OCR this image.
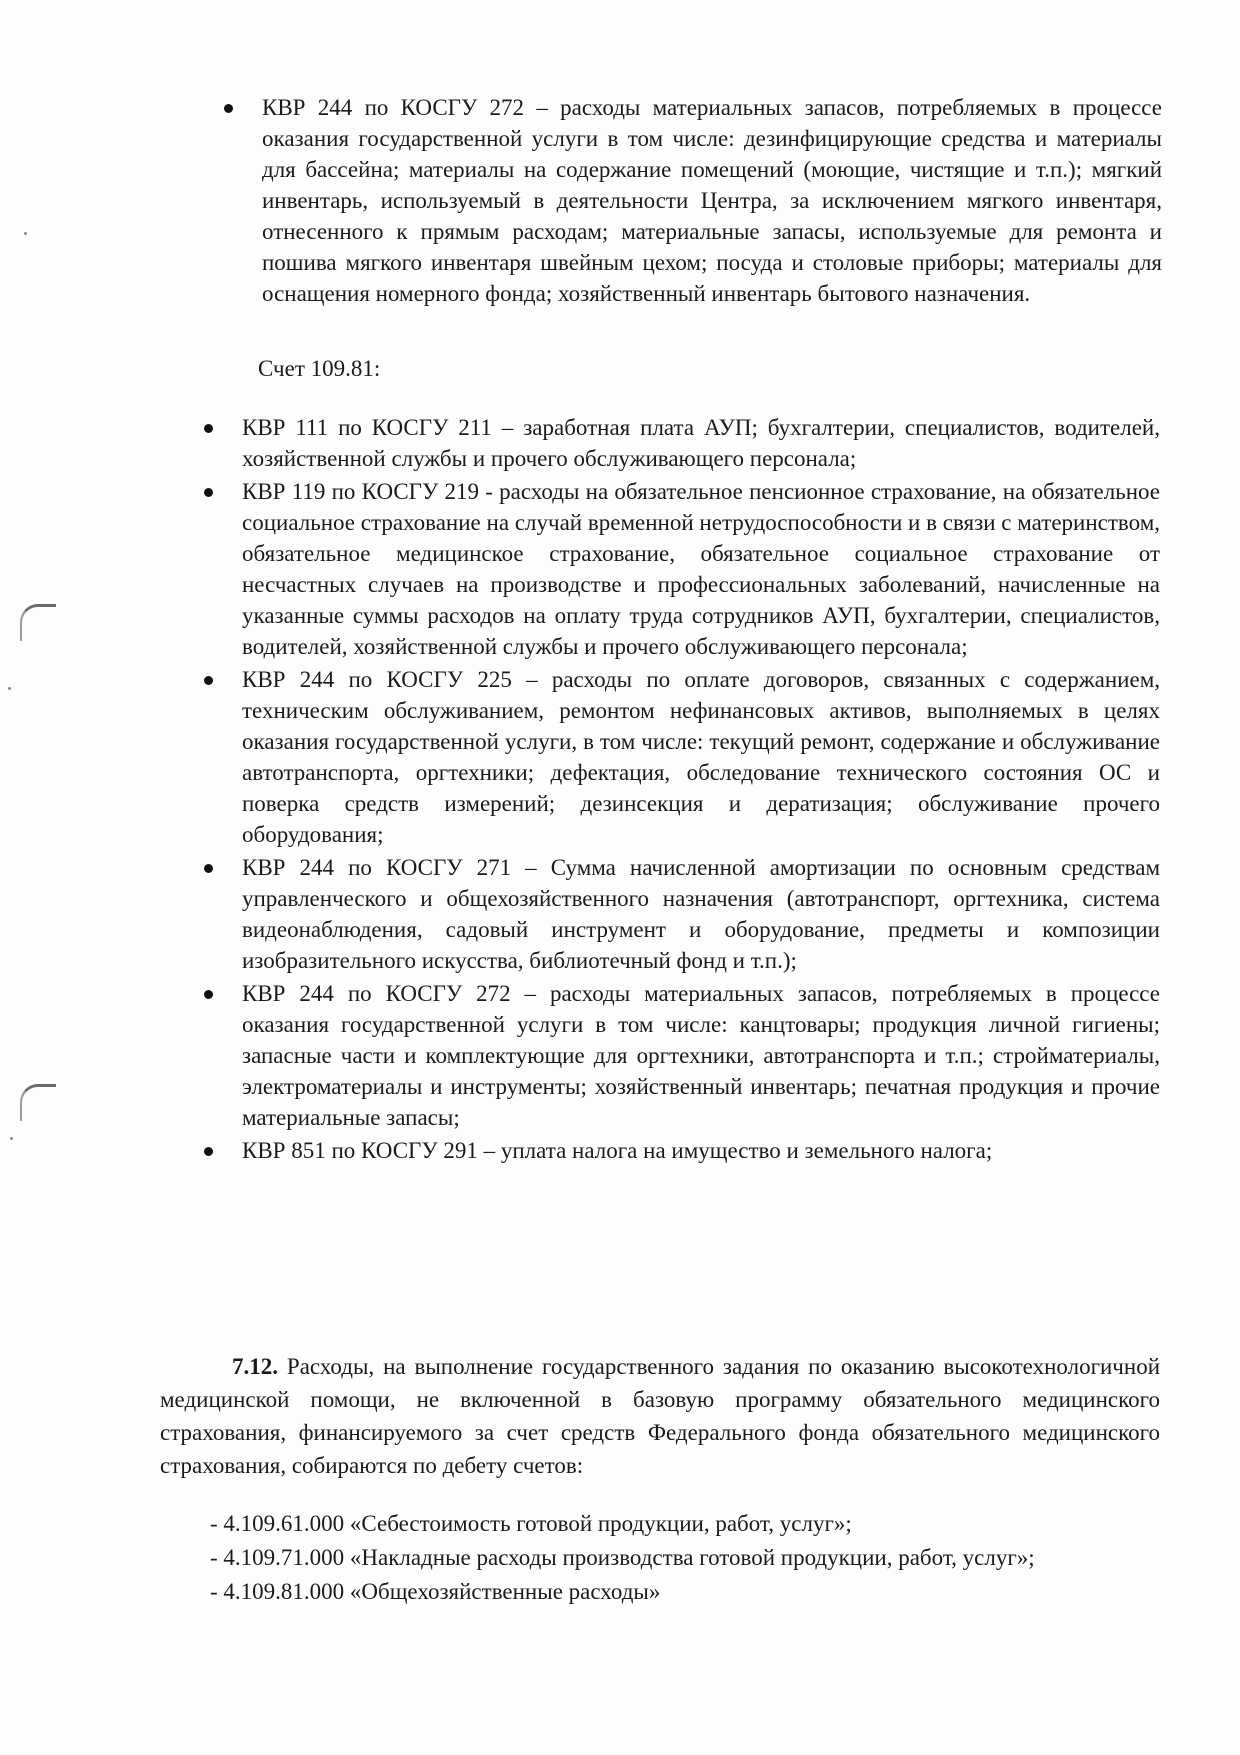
КВР 244 по КОСГУ 272 – расходы материальных запасов, потребляемых в процессе оказания государственной услуги в том числе: дезинфицирующие средства и материалы для бассейна; материалы на содержание помещений (моющие, чистящие и т.п.); мягкий инвентарь, используемый в деятельности Центра, за исключением мягкого инвентаря, отнесенного к прямым расходам; материальные запасы, используемые для ремонта и пошива мягкого инвентаря швейным цехом; посуда и столовые приборы; материалы для оснащения номерного фонда; хозяйственный инвентарь бытового назначения.

Счет 109.81:

КВР 111 по КОСГУ 211 – заработная плата АУП; бухгалтерии, специалистов, водителей, хозяйственной службы и прочего обслуживающего персонала;
КВР 119 по КОСГУ 219 - расходы на обязательное пенсионное страхование, на обязательное социальное страхование на случай временной нетрудоспособности и в связи с материнством, обязательное медицинское страхование, обязательное социальное страхование от несчастных случаев на производстве и профессиональных заболеваний, начисленные на указанные суммы расходов на оплату труда сотрудников АУП, бухгалтерии, специалистов, водителей, хозяйственной службы и прочего обслуживающего персонала;
КВР 244 по КОСГУ 225 – расходы по оплате договоров, связанных с содержанием, техническим обслуживанием, ремонтом нефинансовых активов, выполняемых в целях оказания государственной услуги, в том числе: текущий ремонт, содержание и обслуживание автотранспорта, оргтехники; дефектация, обследование технического состояния ОС и поверка средств измерений; дезинсекция и дератизация; обслуживание прочего оборудования;
КВР 244 по КОСГУ 271 – Сумма начисленной амортизации по основным средствам управленческого и общехозяйственного назначения (автотранспорт, оргтехника, система видеонаблюдения, садовый инструмент и оборудование, предметы и композиции изобразительного искусства, библиотечный фонд и т.п.);
КВР 244 по КОСГУ 272 – расходы материальных запасов, потребляемых в процессе оказания государственной услуги в том числе: канцтовары; продукция личной гигиены; запасные части и комплектующие для оргтехники, автотранспорта и т.п.; стройматериалы, электроматериалы и инструменты; хозяйственный инвентарь; печатная продукция и прочие материальные запасы;
КВР 851 по КОСГУ 291 – уплата налога на имущество и земельного налога;

7.12. Расходы, на выполнение государственного задания по оказанию высокотехнологичной медицинской помощи, не включенной в базовую программу обязательного медицинского страхования, финансируемого за счет средств Федерального фонда обязательного медицинского страхования, собираются по дебету счетов:

- 4.109.61.000 «Себестоимость готовой продукции, работ, услуг»;
- 4.109.71.000 «Накладные расходы производства готовой продукции, работ, услуг»;
- 4.109.81.000 «Общехозяйственные расходы»
